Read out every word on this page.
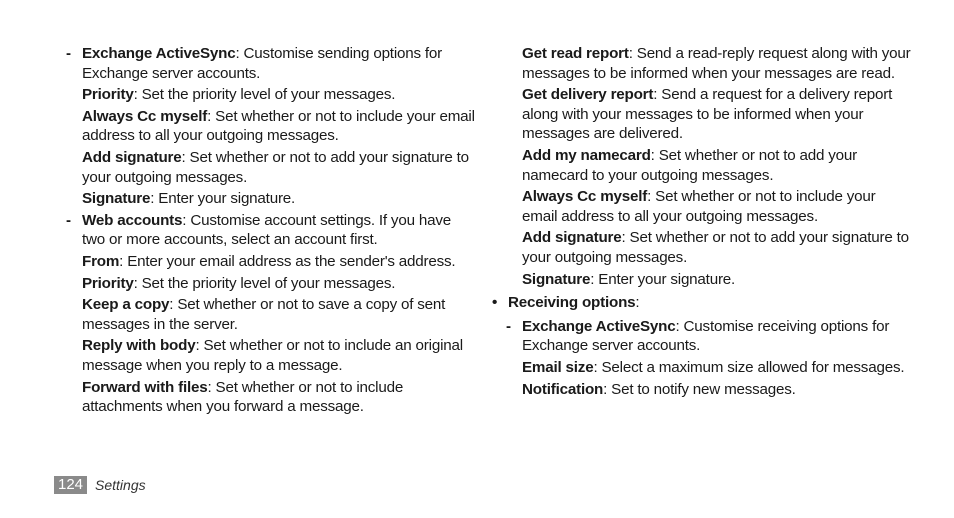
- Exchange ActiveSync: Customise sending options for Exchange server accounts.
Priority: Set the priority level of your messages.
Always Cc myself: Set whether or not to include your email address to all your outgoing messages.
Add signature: Set whether or not to add your signature to your outgoing messages.
Signature: Enter your signature.
- Web accounts: Customise account settings. If you have two or more accounts, select an account first.
From: Enter your email address as the sender's address.
Priority: Set the priority level of your messages.
Keep a copy: Set whether or not to save a copy of sent messages in the server.
Reply with body: Set whether or not to include an original message when you reply to a message.
Forward with files: Set whether or not to include attachments when you forward a message.
Get read report: Send a read-reply request along with your messages to be informed when your messages are read.
Get delivery report: Send a request for a delivery report along with your messages to be informed when your messages are delivered.
Add my namecard: Set whether or not to add your namecard to your outgoing messages.
Always Cc myself: Set whether or not to include your email address to all your outgoing messages.
Add signature: Set whether or not to add your signature to your outgoing messages.
Signature: Enter your signature.
• Receiving options:
- Exchange ActiveSync: Customise receiving options for Exchange server accounts.
Email size: Select a maximum size allowed for messages.
Notification: Set to notify new messages.
124 Settings
